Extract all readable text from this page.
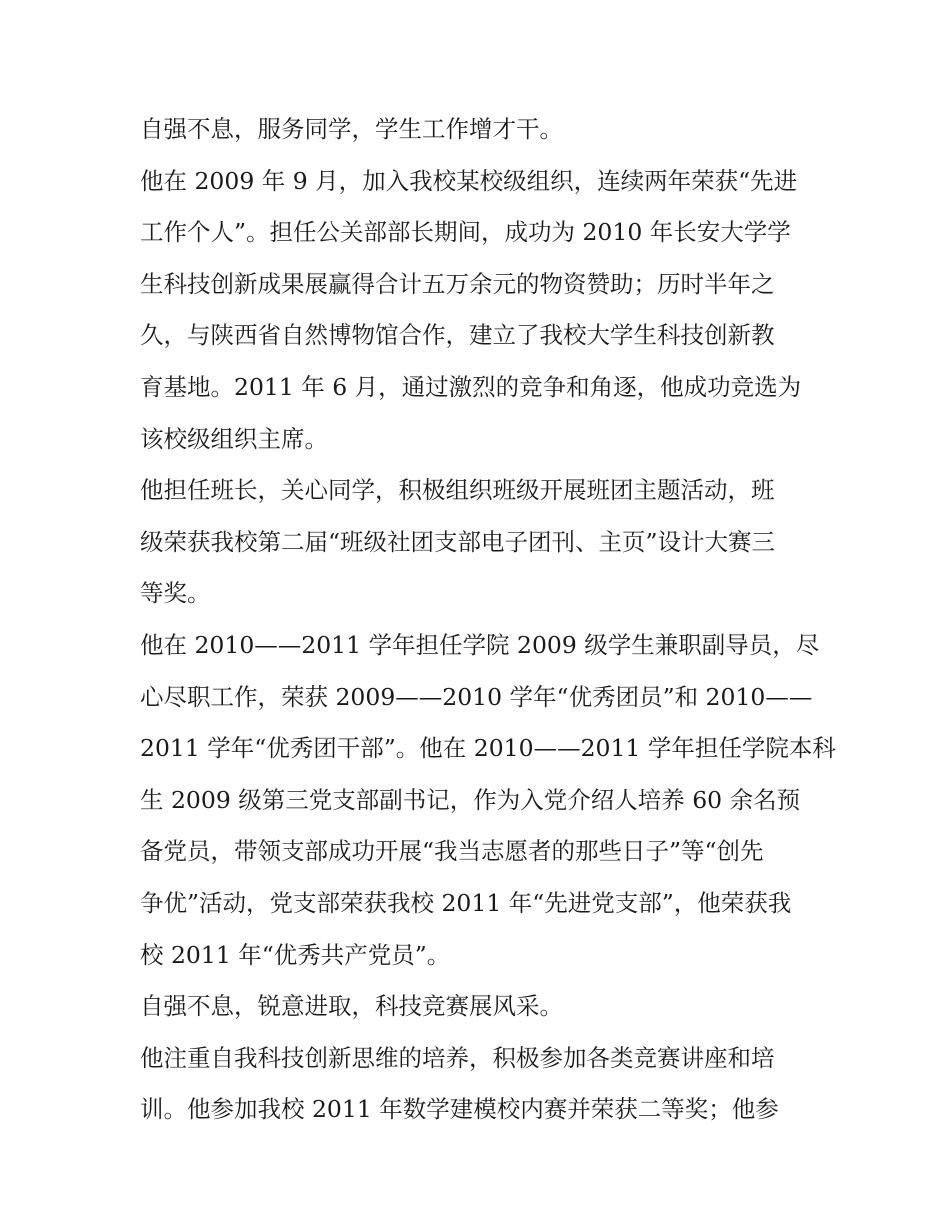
自强不息，服务同学，学生工作增才干。

他在 2009 年 9 月，加入我校某校级组织，连续两年荣获“先进
工作个人”。担任公关部部长期间，成功为 2010 年长安大学学
生科技创新成果展赢得合计五万余元的物资赞助；历时半年之
久，与陕西省自然博物馆合作，建立了我校大学生科技创新教
育基地。2011 年 6 月，通过激烈的竞争和角逐，他成功竞选为
该校级组织主席。

他担任班长，关心同学，积极组织班级开展班团主题活动，班
级荣获我校第二届“班级社团支部电子团刊、主页”设计大赛三
等奖。

他在 2010——2011 学年担任学院 2009 级学生兼职副导员，尽
心尽职工作，荣获 2009——2010 学年“优秀团员”和 2010——
2011 学年“优秀团干部”。他在 2010——2011 学年担任学院本科
生 2009 级第三党支部副书记，作为入党介绍人培养 60 余名预
备党员，带领支部成功开展“我当志愿者的那些日子”等“创先
争优”活动，党支部荣获我校 2011 年“先进党支部”，他荣获我
校 2011 年“优秀共产党员”。

自强不息，锐意进取，科技竞赛展风采。

他注重自我科技创新思维的培养，积极参加各类竞赛讲座和培
训。他参加我校 2011 年数学建模校内赛并荣获二等奖；他参
